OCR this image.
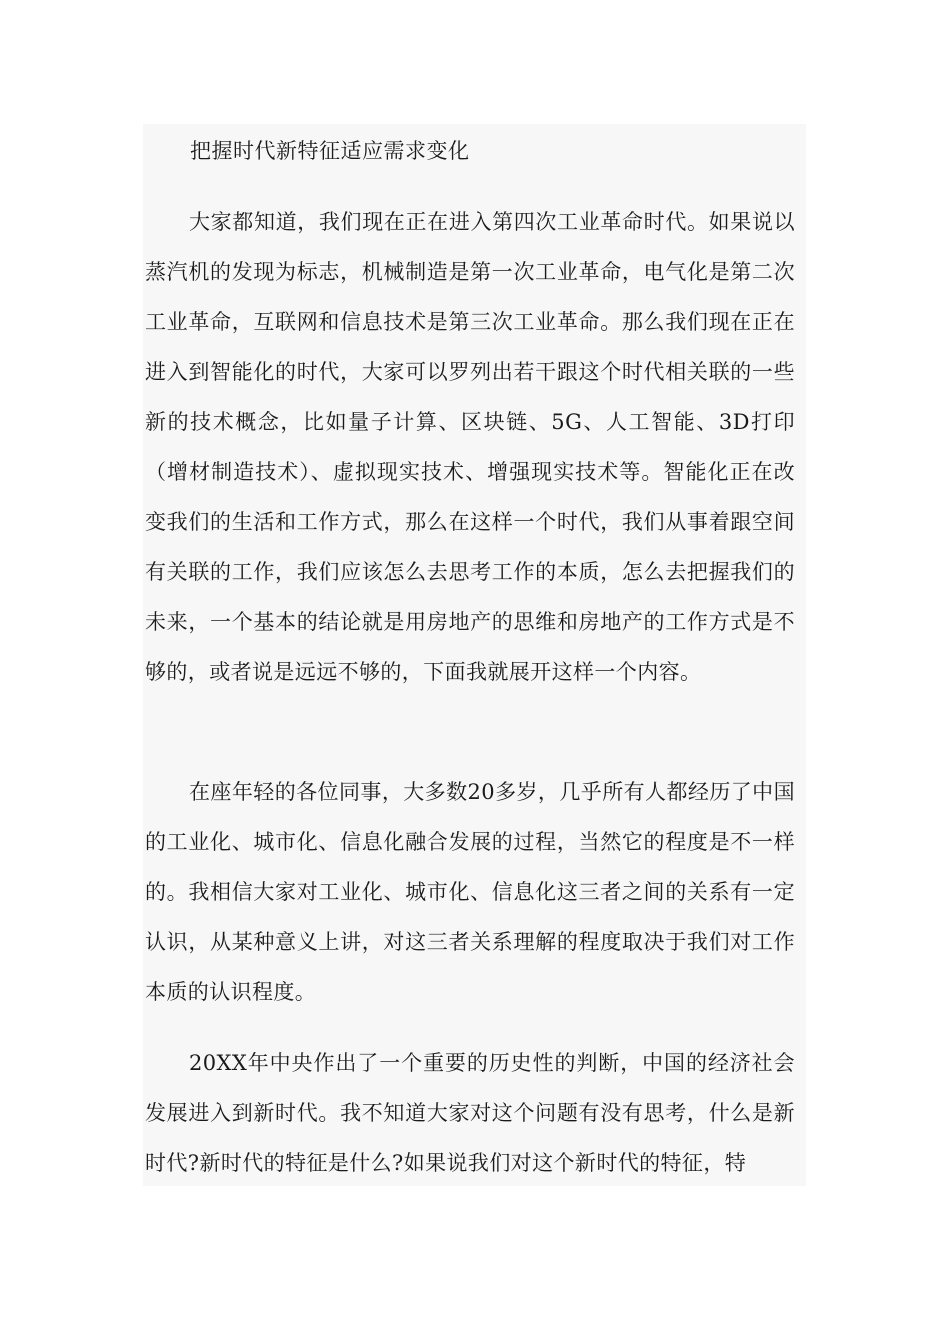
把握时代新特征适应需求变化

大家都知道，我们现在正在进入第四次工业革命时代。如果说以蒸汽机的发现为标志，机械制造是第一次工业革命，电气化是第二次工业革命，互联网和信息技术是第三次工业革命。那么我们现在正在进入到智能化的时代，大家可以罗列出若干跟这个时代相关联的一些新的技术概念，比如量子计算、区块链、5G、人工智能、3D打印（增材制造技术）、虚拟现实技术、增强现实技术等。智能化正在改变我们的生活和工作方式，那么在这样一个时代，我们从事着跟空间有关联的工作，我们应该怎么去思考工作的本质，怎么去把握我们的未来，一个基本的结论就是用房地产的思维和房地产的工作方式是不够的，或者说是远远不够的，下面我就展开这样一个内容。

在座年轻的各位同事，大多数20多岁，几乎所有人都经历了中国的工业化、城市化、信息化融合发展的过程，当然它的程度是不一样的。我相信大家对工业化、城市化、信息化这三者之间的关系有一定认识，从某种意义上讲，对这三者关系理解的程度取决于我们对工作本质的认识程度。

20XX年中央作出了一个重要的历史性的判断，中国的经济社会发展进入到新时代。我不知道大家对这个问题有没有思考，什么是新时代?新时代的特征是什么?如果说我们对这个新时代的特征，特
